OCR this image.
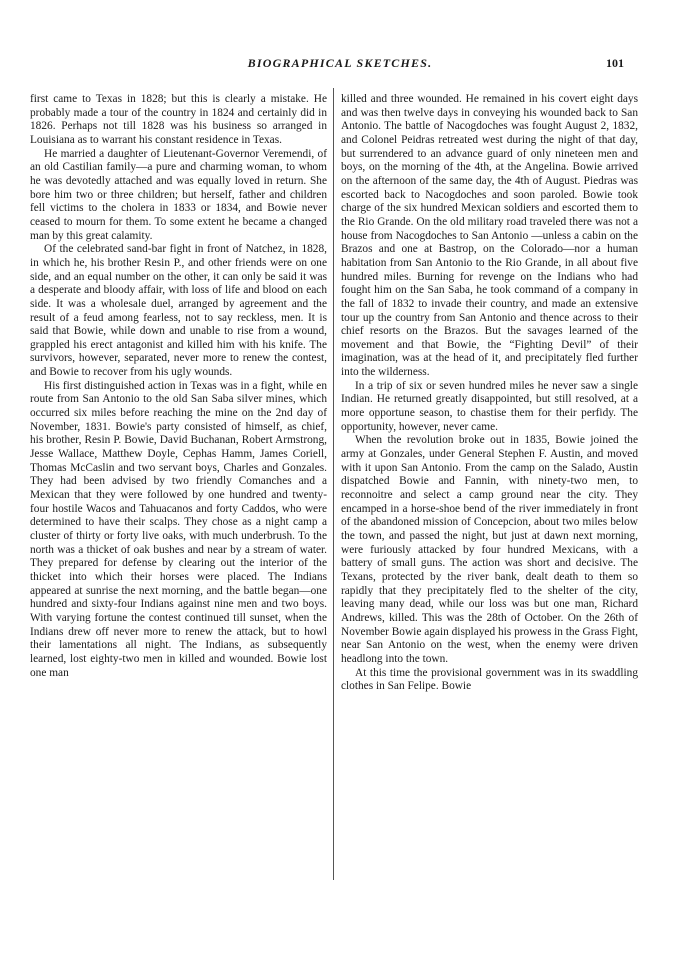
BIOGRAPHICAL SKETCHES.	101

first came to Texas in 1828; but this is clearly a mistake. He probably made a tour of the country in 1824 and certainly did in 1826. Perhaps not till 1828 was his business so arranged in Louisiana as to warrant his constant residence in Texas.

He married a daughter of Lieutenant-Governor Veremendi, of an old Castilian family—a pure and charming woman, to whom he was devotedly attached and was equally loved in return. She bore him two or three children; but herself, father and children fell victims to the cholera in 1833 or 1834, and Bowie never ceased to mourn for them. To some extent he became a changed man by this great calamity.

Of the celebrated sand-bar fight in front of Natchez, in 1828, in which he, his brother Resin P., and other friends were on one side, and an equal number on the other, it can only be said it was a desperate and bloody affair, with loss of life and blood on each side. It was a wholesale duel, arranged by agreement and the result of a feud among fearless, not to say reckless, men. It is said that Bowie, while down and unable to rise from a wound, grappled his erect antagonist and killed him with his knife. The survivors, however, separated, never more to renew the contest, and Bowie to recover from his ugly wounds.

His first distinguished action in Texas was in a fight, while en route from San Antonio to the old San Saba silver mines, which occurred six miles before reaching the mine on the 2nd day of November, 1831. Bowie's party consisted of himself, as chief, his brother, Resin P. Bowie, David Buchanan, Robert Armstrong, Jesse Wallace, Matthew Doyle, Cephas Hamm, James Coriell, Thomas McCaslin and two servant boys, Charles and Gonzales. They had been advised by two friendly Comanches and a Mexican that they were followed by one hundred and twenty-four hostile Wacos and Tahuacanos and forty Caddos, who were determined to have their scalps. They chose as a night camp a cluster of thirty or forty live oaks, with much underbrush. To the north was a thicket of oak bushes and near by a stream of water. They prepared for defense by clearing out the interior of the thicket into which their horses were placed. The Indians appeared at sunrise the next morning, and the battle began—one hundred and sixty-four Indians against nine men and two boys. With varying fortune the contest continued till sunset, when the Indians drew off never more to renew the attack, but to howl their lamentations all night. The Indians, as subsequently learned, lost eighty-two men in killed and wounded. Bowie lost one man

killed and three wounded. He remained in his covert eight days and was then twelve days in conveying his wounded back to San Antonio. The battle of Nacogdoches was fought August 2, 1832, and Colonel Peidras retreated west during the night of that day, but surrendered to an advance guard of only nineteen men and boys, on the morning of the 4th, at the Angelina. Bowie arrived on the afternoon of the same day, the 4th of August. Piedras was escorted back to Nacogdoches and soon paroled. Bowie took charge of the six hundred Mexican soldiers and escorted them to the Rio Grande. On the old military road traveled there was not a house from Nacogdoches to San Antonio —unless a cabin on the Brazos and one at Bastrop, on the Colorado—nor a human habitation from San Antonio to the Rio Grande, in all about five hundred miles. Burning for revenge on the Indians who had fought him on the San Saba, he took command of a company in the fall of 1832 to invade their country, and made an extensive tour up the country from San Antonio and thence across to their chief resorts on the Brazos. But the savages learned of the movement and that Bowie, the “Fighting Devil” of their imagination, was at the head of it, and precipitately fled further into the wilderness.

In a trip of six or seven hundred miles he never saw a single Indian. He returned greatly disappointed, but still resolved, at a more opportune season, to chastise them for their perfidy. The opportunity, however, never came.

When the revolution broke out in 1835, Bowie joined the army at Gonzales, under General Stephen F. Austin, and moved with it upon San Antonio. From the camp on the Salado, Austin dispatched Bowie and Fannin, with ninety-two men, to reconnoitre and select a camp ground near the city. They encamped in a horse-shoe bend of the river immediately in front of the abandoned mission of Concepcion, about two miles below the town, and passed the night, but just at dawn next morning, were furiously attacked by four hundred Mexicans, with a battery of small guns. The action was short and decisive. The Texans, protected by the river bank, dealt death to them so rapidly that they precipitately fled to the shelter of the city, leaving many dead, while our loss was but one man, Richard Andrews, killed. This was the 28th of October. On the 26th of November Bowie again displayed his prowess in the Grass Fight, near San Antonio on the west, when the enemy were driven headlong into the town.

At this time the provisional government was in its swaddling clothes in San Felipe. Bowie
